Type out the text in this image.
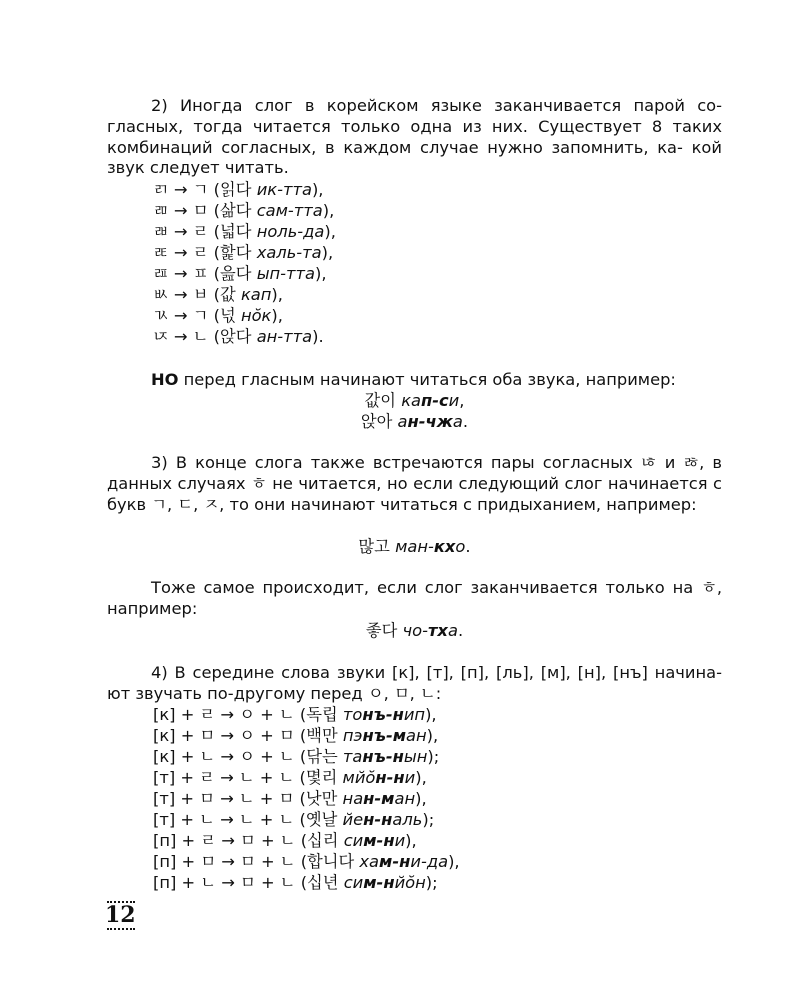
2) Иногда слог в корейском языке заканчивается парой со- гласных, тогда читается только одна из них. Существует 8 таких комбинаций согласных, в каждом случае нужно запомнить, ка- кой звук следует читать.
ㄺ → ㄱ (읽다 ик-тта),
ㄻ → ㅁ (삶다 сам-тта),
ㄼ → ㄹ (넓다 ноль-да),
ㄾ → ㄹ (핥다 халь-та),
ㄿ → ㅍ (읊다 ып-тта),
ㅄ → ㅂ (값 кап),
ㄳ → ㄱ (넋 нŏк),
ㄵ → ㄴ (앉다 ан-тта).
НО перед гласным начинают читаться оба звука, например:
값이 кап-си,
앉아 ан-чжа.
3) В конце слога также встречаются пары согласных ㄶ и ㅀ, в данных случаях ㅎ не читается, но если следующий слог начинается с букв ㄱ, ㄷ, ㅈ, то они начинают читаться с придыханием, например:
많고 ман-кхо.
Тоже самое происходит, если слог заканчивается только на ㅎ, например:
좋다 чо-тха.
4) В середине слова звуки [к], [т], [п], [ль], [м], [н], [нъ] начина- ют звучать по-другому перед ㅇ, ㅁ, ㄴ:
[к] + ㄹ → ㅇ + ㄴ (독립 тонъ-нип),
[к] + ㅁ → ㅇ + ㅁ (백만 пэнъ-ман),
[к] + ㄴ → ㅇ + ㄴ (닦는 танъ-нын);
[т] + ㄹ → ㄴ + ㄴ (몇리 мйŏн-ни),
[т] + ㅁ → ㄴ + ㅁ (낫만 нан-ман),
[т] + ㄴ → ㄴ + ㄴ (옛날 йен-наль);
[п] + ㄹ → ㅁ + ㄴ (십리 сим-ни),
[п] + ㅁ → ㅁ + ㄴ (합니다 хам-ни-да),
[п] + ㄴ → ㅁ + ㄴ (십년 сим-нйŏн);
12
